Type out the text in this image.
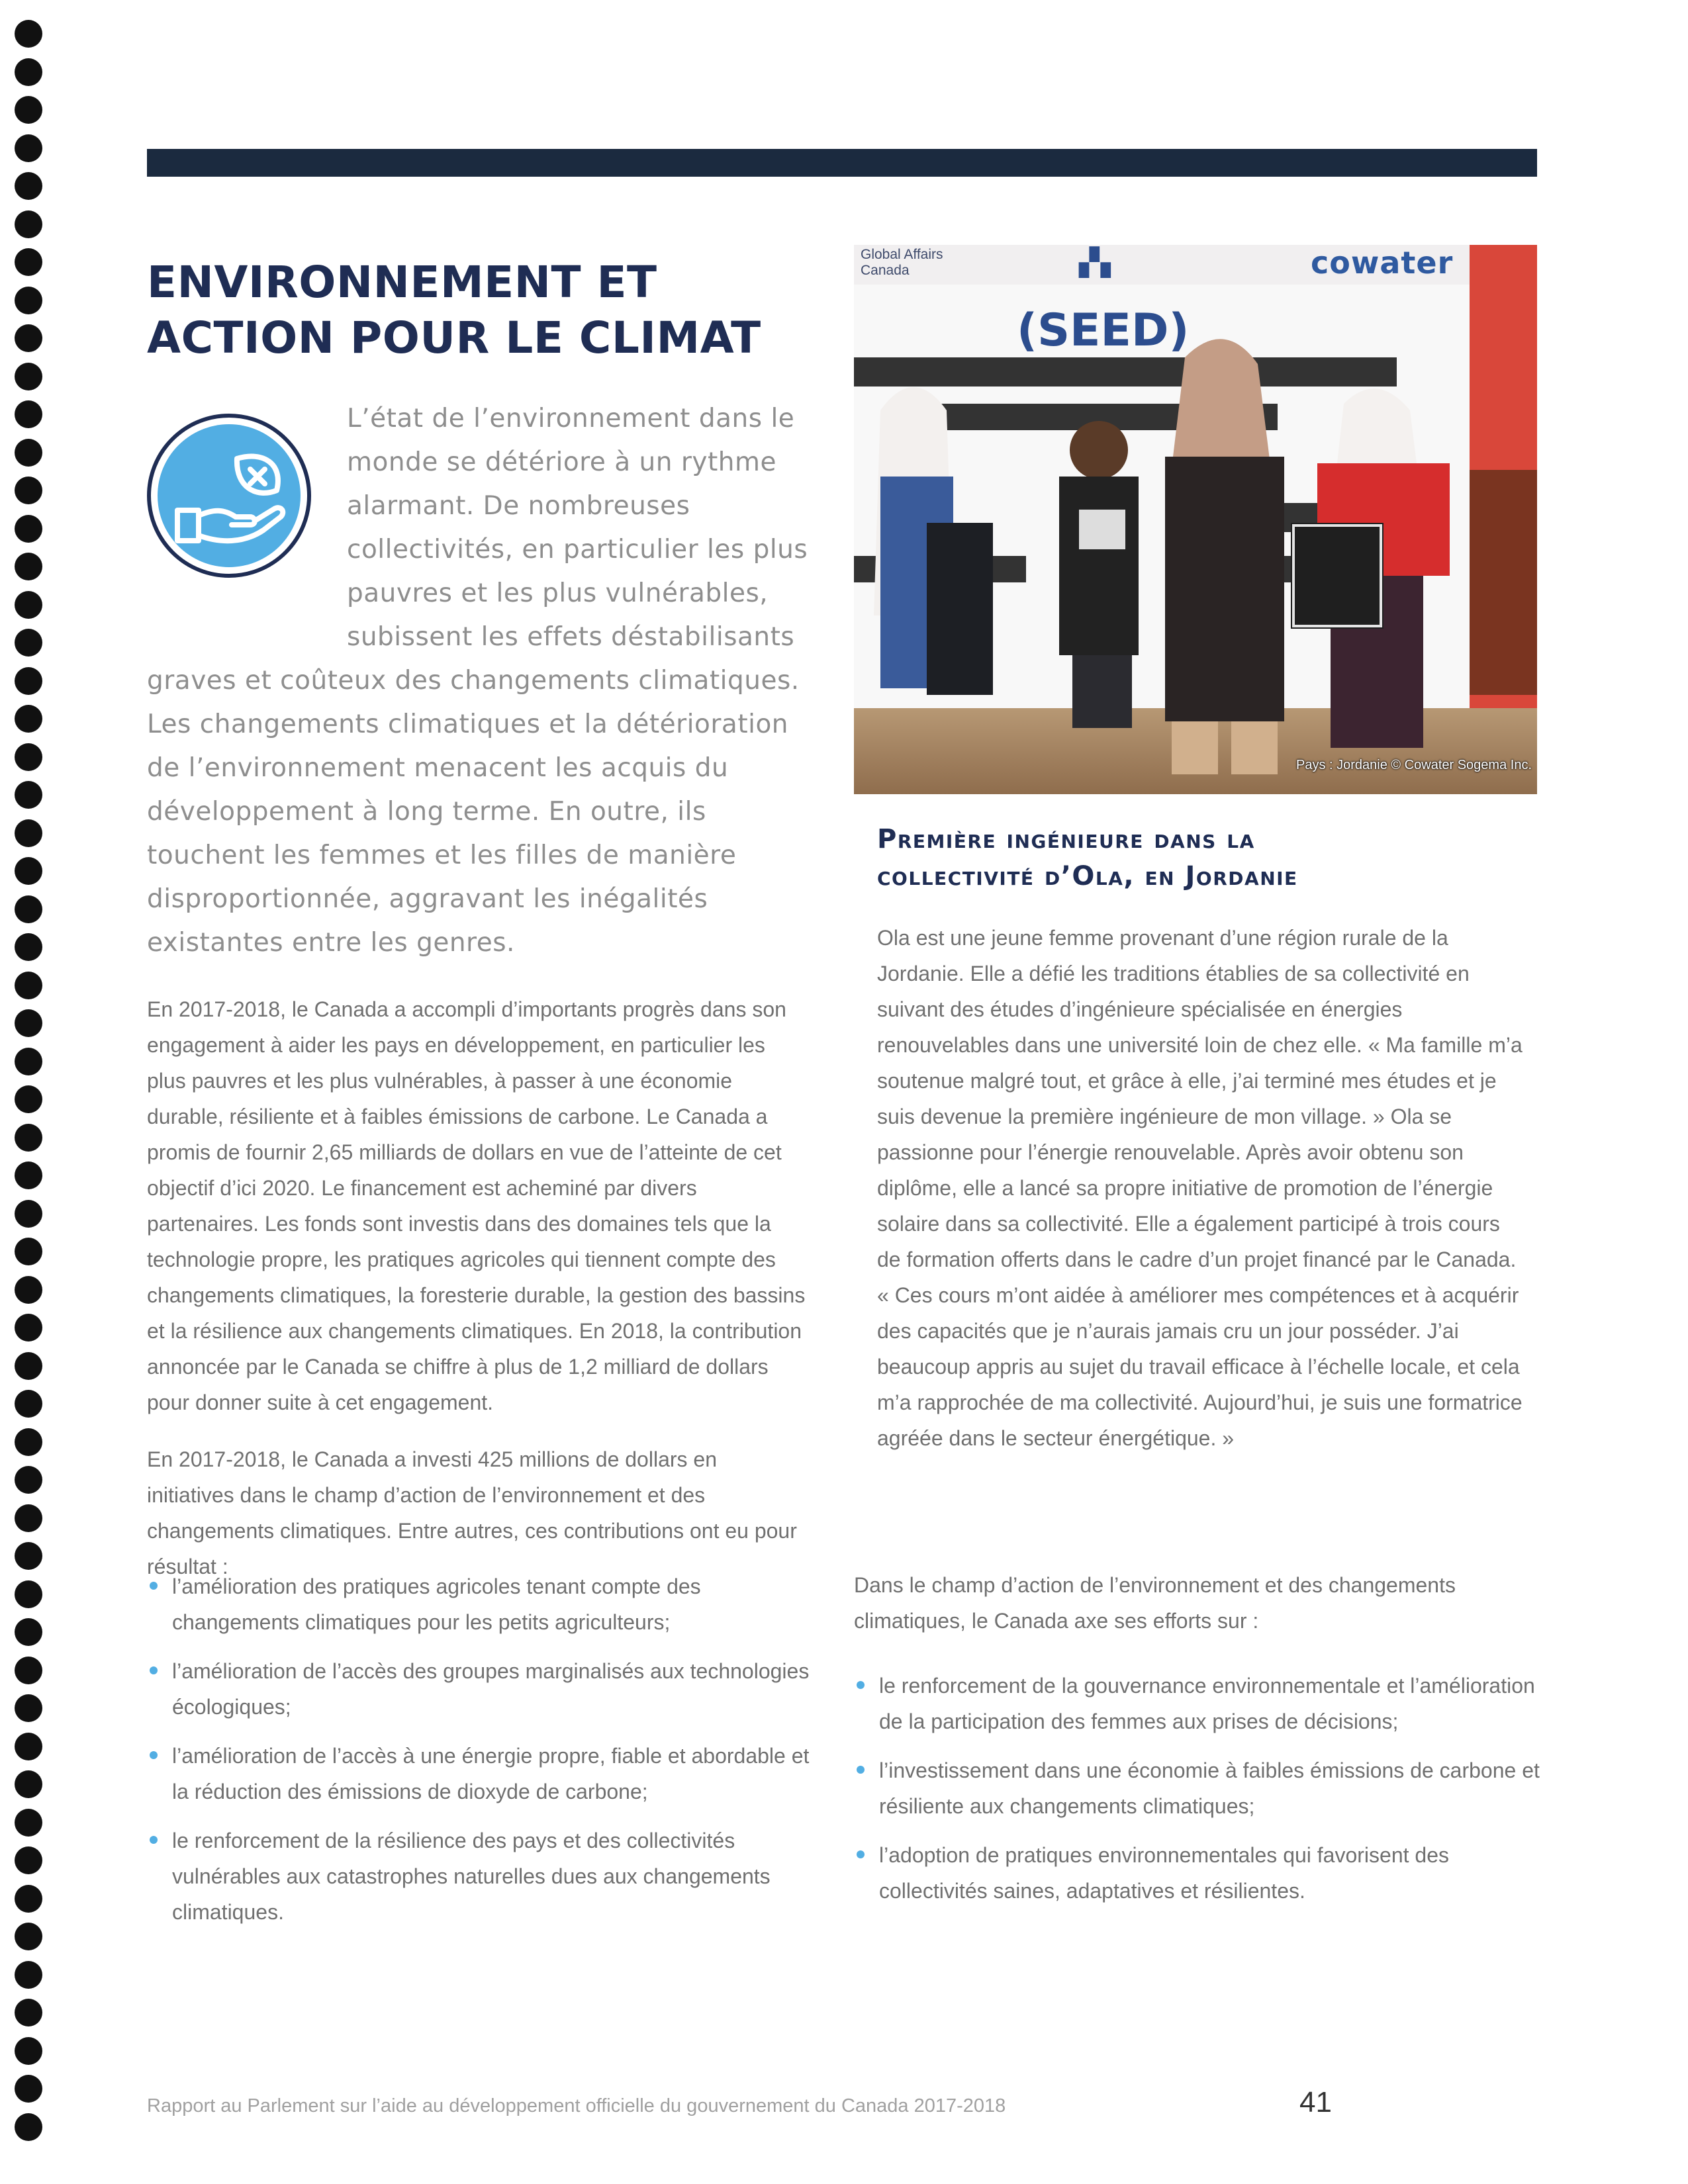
ENVIRONNEMENT ET
ACTION POUR LE CLIMAT

L’état de l’environnement dans le monde se détériore à un rythme alarmant. De nombreuses collectivités, en particulier les plus pauvres et les plus vulnérables, subissent les effets déstabilisants graves et coûteux des changements climatiques. Les changements climatiques et la détérioration de l’environnement menacent les acquis du développement à long terme. En outre, ils touchent les femmes et les filles de manière disproportionnée, aggravant les inégalités existantes entre les genres.

En 2017-2018, le Canada a accompli d’importants progrès dans son engagement à aider les pays en développement, en particulier les plus pauvres et les plus vulnérables, à passer à une économie durable, résiliente et à faibles émissions de carbone. Le Canada a promis de fournir 2,65 milliards de dollars en vue de l’atteinte de cet objectif d’ici 2020. Le financement est acheminé par divers partenaires. Les fonds sont investis dans des domaines tels que la technologie propre, les pratiques agricoles qui tiennent compte des changements climatiques, la foresterie durable, la gestion des bassins et la résilience aux changements climatiques. En 2018, la contribution annoncée par le Canada se chiffre à plus de 1,2 milliard de dollars pour donner suite à cet engagement.

En 2017-2018, le Canada a investi 425 millions de dollars en initiatives dans le champ d’action de l’environnement et des changements climatiques. Entre autres, ces contributions ont eu pour résultat :

l’amélioration des pratiques agricoles tenant compte des changements climatiques pour les petits agriculteurs;
l’amélioration de l’accès des groupes marginalisés aux technologies écologiques;
l’amélioration de l’accès à une énergie propre, fiable et abordable et la réduction des émissions de dioxyde de carbone;
le renforcement de la résilience des pays et des collectivités vulnérables aux catastrophes naturelles dues aux changements climatiques.
Global Affairs Canada	▞▖	cowater
(SEED)
Pays : Jordanie © Cowater Sogema Inc.
Première ingénieure dans la
collectivité d’Ola, en Jordanie

Ola est une jeune femme provenant d’une région rurale de la Jordanie. Elle a défié les traditions établies de sa collectivité en suivant des études d’ingénieure spécialisée en énergies renouvelables dans une université loin de chez elle. « Ma famille m’a soutenue malgré tout, et grâce à elle, j’ai terminé mes études et je suis devenue la première ingénieure de mon village. » Ola se passionne pour l’énergie renouvelable. Après avoir obtenu son diplôme, elle a lancé sa propre initiative de promotion de l’énergie solaire dans sa collectivité. Elle a également participé à trois cours de formation offerts dans le cadre d’un projet financé par le Canada. « Ces cours m’ont aidée à améliorer mes compétences et à acquérir des capacités que je n’aurais jamais cru un jour posséder. J’ai beaucoup appris au sujet du travail efficace à l’échelle locale, et cela m’a rapprochée de ma collectivité. Aujourd’hui, je suis une formatrice agréée dans le secteur énergétique. »

Dans le champ d’action de l’environnement et des changements climatiques, le Canada axe ses efforts sur :

le renforcement de la gouvernance environnementale et l’amélioration de la participation des femmes aux prises de décisions;
l’investissement dans une économie à faibles émissions de carbone et résiliente aux changements climatiques;
l’adoption de pratiques environnementales qui favorisent des collectivités saines, adaptatives et résilientes.
Rapport au Parlement sur l’aide au développement officielle du gouvernement du Canada 2017-2018	41
